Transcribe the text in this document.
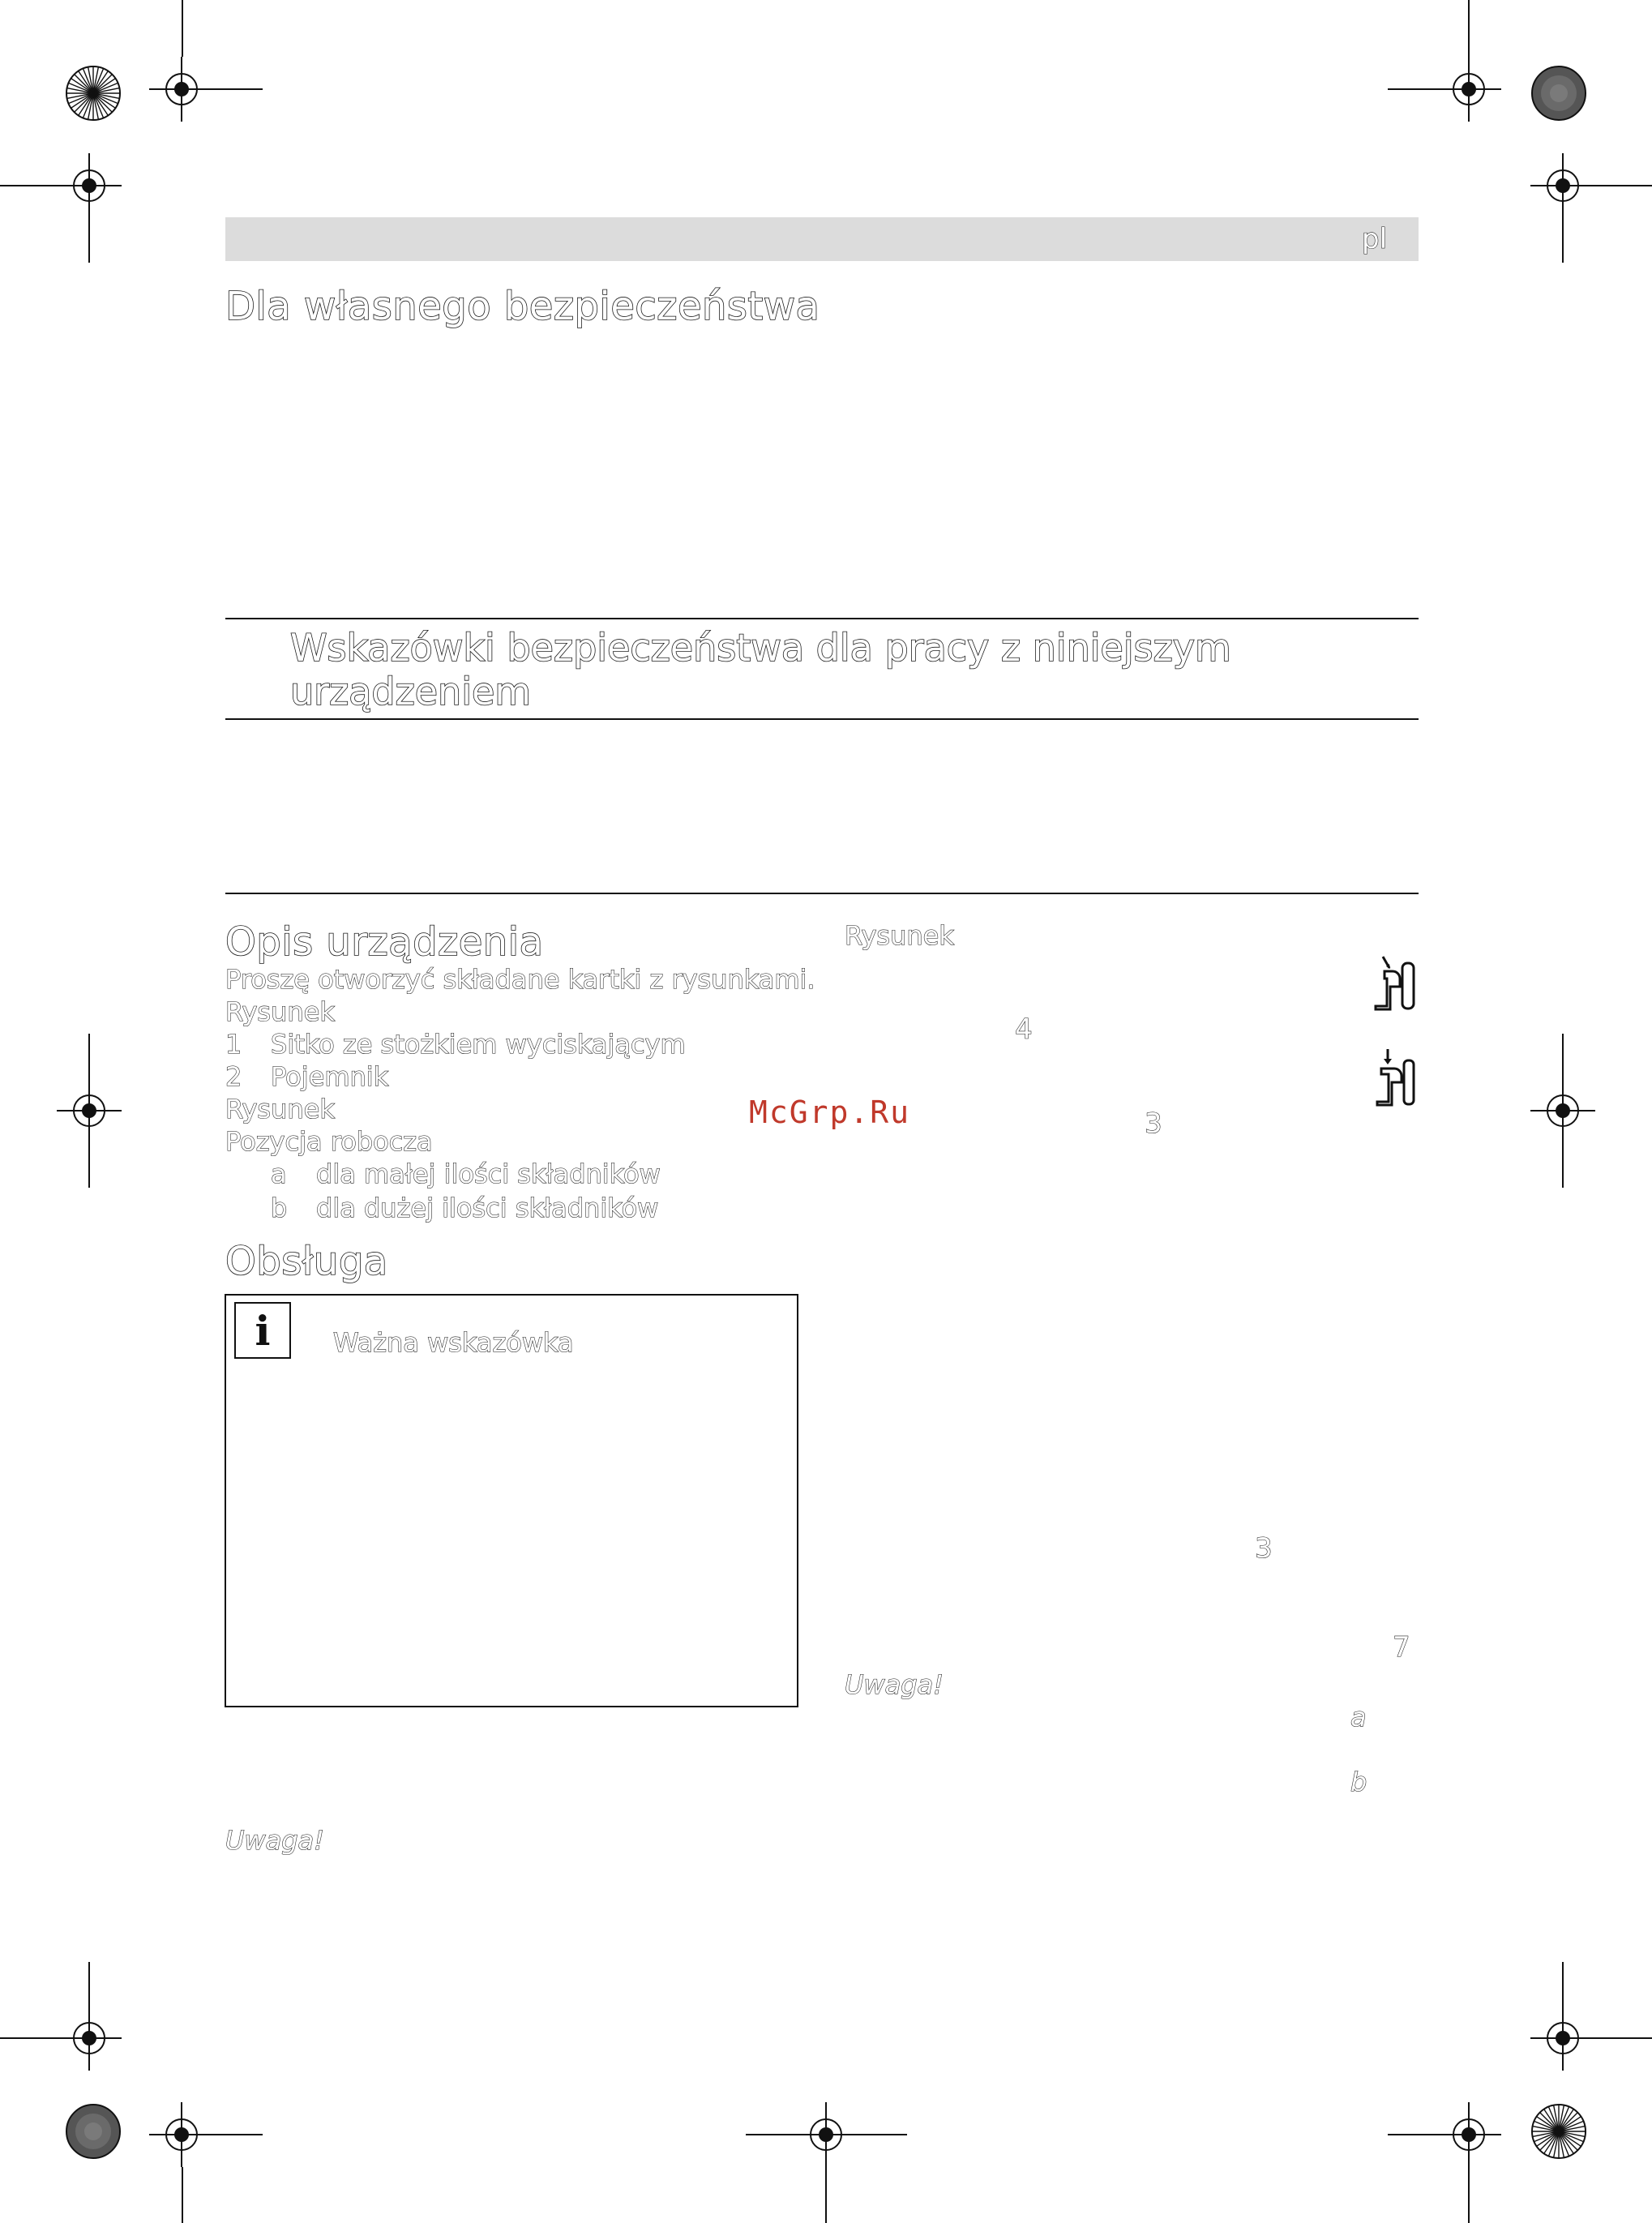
pl
Dla własnego bezpieczeństwa
Wskazówki bezpieczeństwa dla pracy z niniejszym
urządzeniem
Opis urządzenia
Proszę otworzyć składane kartki z rysunkami.
Rysunek
1 Sitko ze stożkiem wyciskającym
2 Pojemnik
Rysunek
Pozycja robocza
a dla małej ilości składników
b dla dużej ilości składników
Obsługa
i	Ważna wskazówka
Uwaga!
Rysunek
4
McGrp.Ru	3
3
7
Uwaga!
a
b
